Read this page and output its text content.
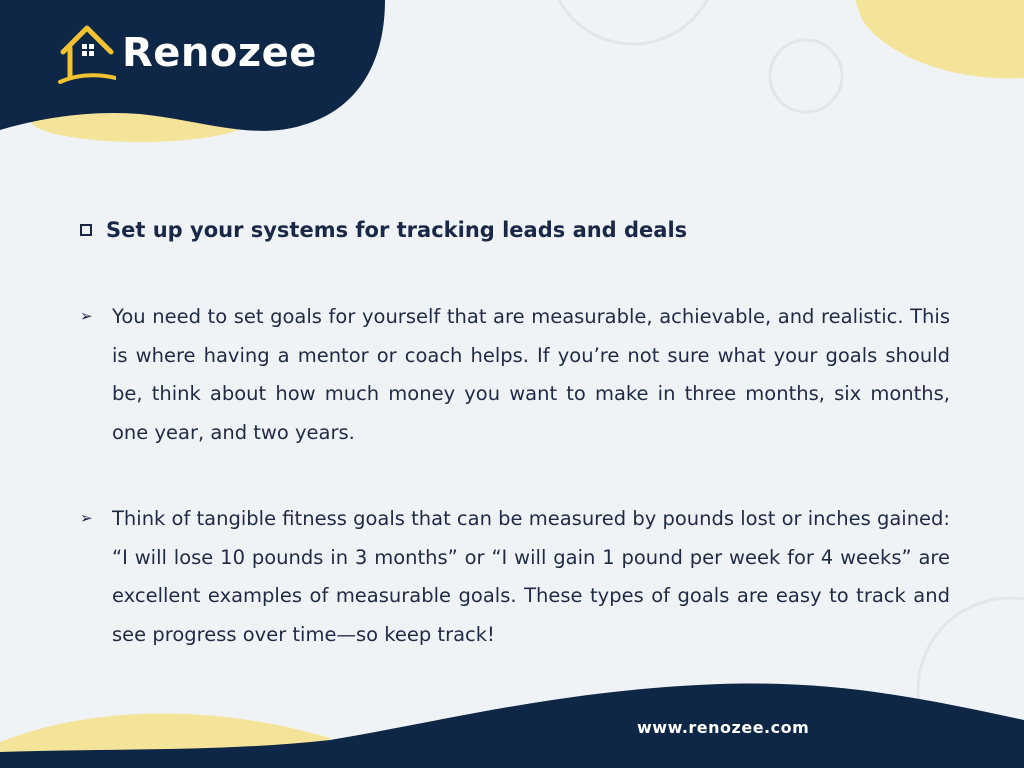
Renozee
Set up your systems for tracking leads and deals
➢ You need to set goals for yourself that are measurable, achievable, and realistic. This is where having a mentor or coach helps. If you’re not sure what your goals should be, think about how much money you want to make in three months, six months, one year, and two years.
➢ Think of tangible fitness goals that can be measured by pounds lost or inches gained: “I will lose 10 pounds in 3 months” or “I will gain 1 pound per week for 4 weeks” are excellent examples of measurable goals. These types of goals are easy to track and see progress over time—so keep track!
www.renozee.com
